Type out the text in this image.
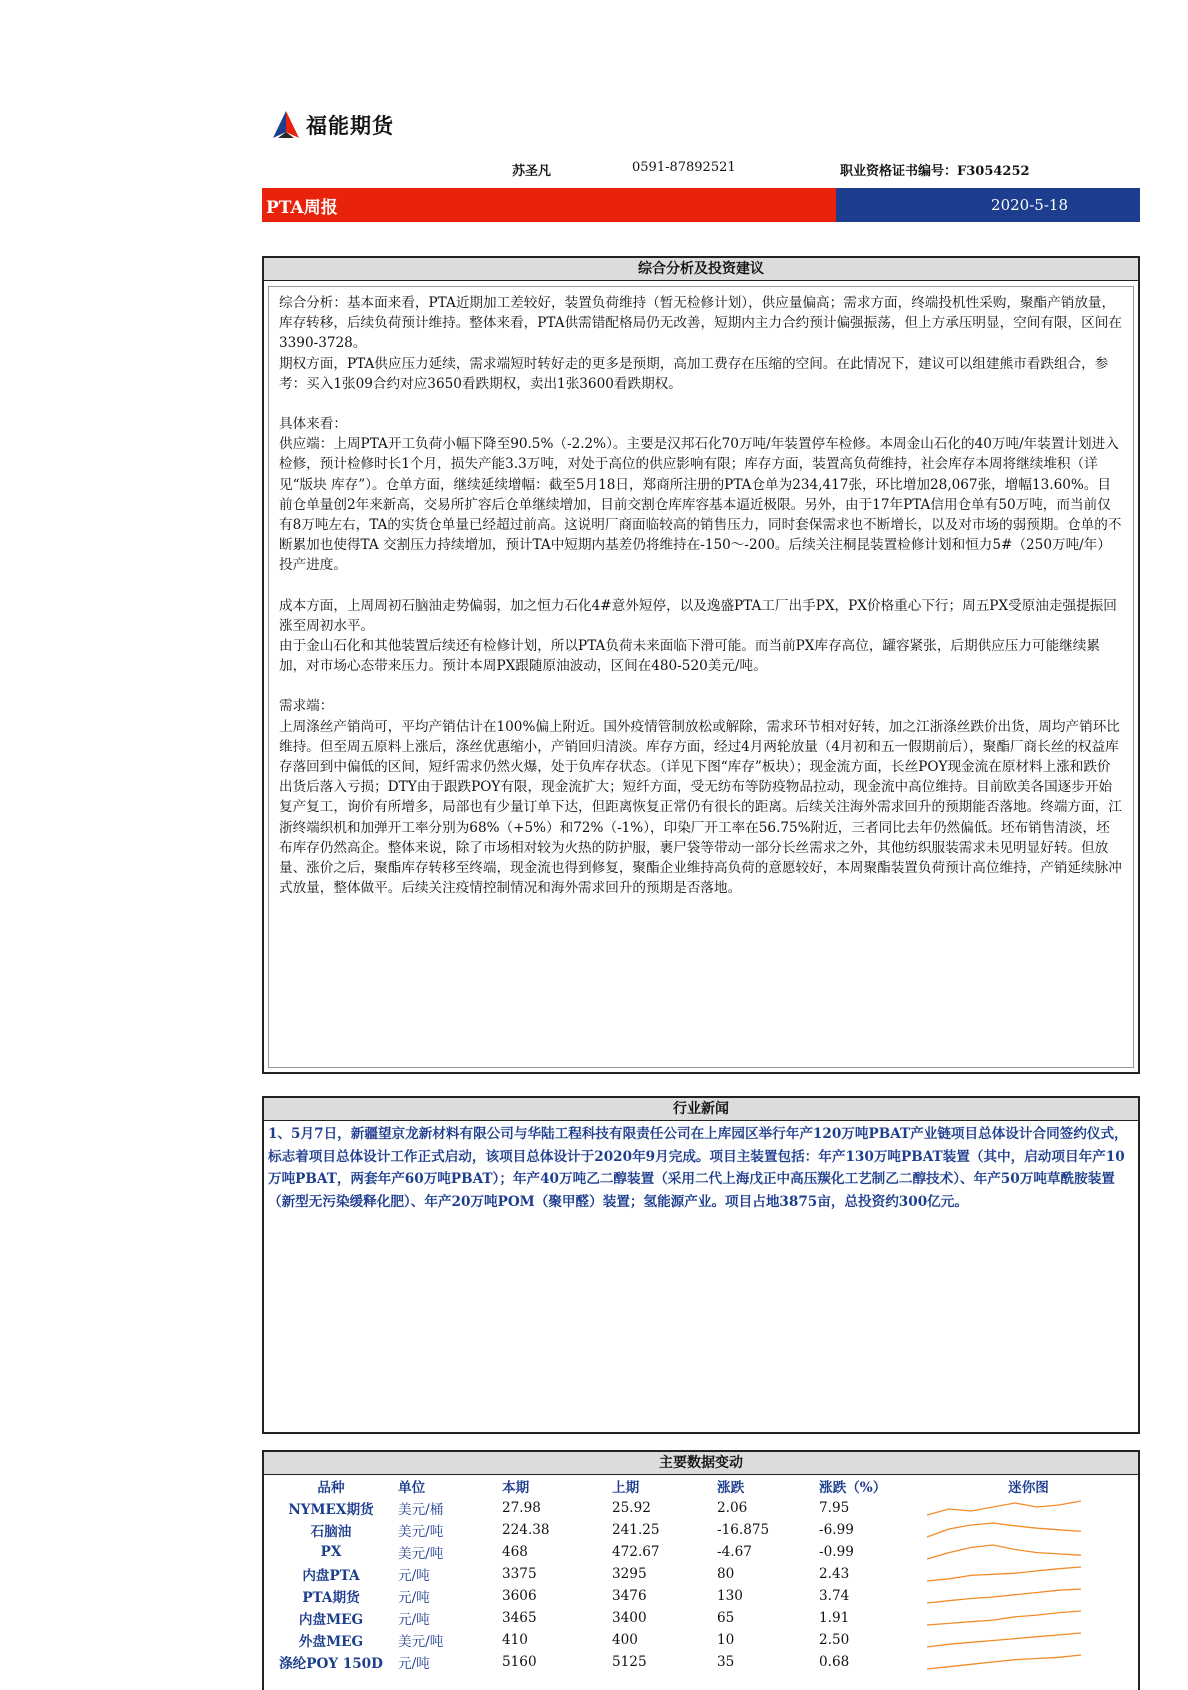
福能期货
苏圣凡	0591-87892521	职业资格证书编号：F3054252
PTA周报	2020-5-18
综合分析及投资建议

综合分析：基本面来看，PTA近期加工差较好，装置负荷维持（暂无检修计划），供应量偏高；需求方面，终端投机性采购，聚酯产销放量，库存转移，后续负荷预计维持。整体来看，PTA供需错配格局仍无改善，短期内主力合约预计偏强振荡，但上方承压明显，空间有限，区间在3390-3728。

期权方面，PTA供应压力延续，需求端短时转好走的更多是预期，高加工费存在压缩的空间。在此情况下，建议可以组建熊市看跌组合，参考：买入1张09合约对应3650看跌期权，卖出1张3600看跌期权。

具体来看：

供应端：上周PTA开工负荷小幅下降至90.5%（-2.2%）。主要是汉邦石化70万吨/年装置停车检修。本周金山石化的40万吨/年装置计划进入检修，预计检修时长1个月，损失产能3.3万吨，对处于高位的供应影响有限；库存方面，装置高负荷维持，社会库存本周将继续堆积（详见“版块 库存”）。仓单方面，继续延续增幅：截至5月18日，郑商所注册的PTA仓单为234,417张，环比增加28,067张，增幅13.60%。目前仓单量创2年来新高，交易所扩容后仓单继续增加，目前交割仓库库容基本逼近极限。另外，由于17年PTA信用仓单有50万吨，而当前仅有8万吨左右，TA的实货仓单量已经超过前高。这说明厂商面临较高的销售压力，同时套保需求也不断增长，以及对市场的弱预期。仓单的不断累加也使得TA 交割压力持续增加，预计TA中短期内基差仍将维持在-150～-200。后续关注桐昆装置检修计划和恒力5#（250万吨/年）投产进度。

成本方面，上周周初石脑油走势偏弱，加之恒力石化4#意外短停，以及逸盛PTA工厂出手PX，PX价格重心下行；周五PX受原油走强提振回涨至周初水平。

由于金山石化和其他装置后续还有检修计划，所以PTA负荷未来面临下滑可能。而当前PX库存高位，罐容紧张，后期供应压力可能继续累加，对市场心态带来压力。预计本周PX跟随原油波动，区间在480-520美元/吨。

需求端：

上周涤丝产销尚可，平均产销估计在100%偏上附近。国外疫情管制放松或解除，需求环节相对好转，加之江浙涤丝跌价出货，周均产销环比维持。但至周五原料上涨后，涤丝优惠缩小，产销回归清淡。库存方面，经过4月两轮放量（4月初和五一假期前后），聚酯厂商长丝的权益库存落回到中偏低的区间，短纤需求仍然火爆，处于负库存状态。（详见下图“库存”板块）；现金流方面，长丝POY现金流在原材料上涨和跌价出货后落入亏损；DTY由于跟跌POY有限，现金流扩大；短纤方面，受无纺布等防疫物品拉动，现金流中高位维持。目前欧美各国逐步开始复产复工，询价有所增多，局部也有少量订单下达，但距离恢复正常仍有很长的距离。后续关注海外需求回升的预期能否落地。终端方面，江浙终端织机和加弹开工率分别为68%（+5%）和72%（-1%），印染厂开工率在56.75%附近，三者同比去年仍然偏低。坯布销售清淡，坯布库存仍然高企。整体来说，除了市场相对较为火热的防护服，裹尸袋等带动一部分长丝需求之外，其他纺织服装需求未见明显好转。但放量、涨价之后，聚酯库存转移至终端，现金流也得到修复，聚酯企业维持高负荷的意愿较好，本周聚酯装置负荷预计高位维持，产销延续脉冲式放量，整体做平。后续关注疫情控制情况和海外需求回升的预期是否落地。

行业新闻
1、5月7日，新疆望京龙新材料有限公司与华陆工程科技有限责任公司在上库园区举行年产120万吨PBAT产业链项目总体设计合同签约仪式，标志着项目总体设计工作正式启动，该项目总体设计于2020年9月完成。项目主装置包括：年产130万吨PBAT装置（其中，启动项目年产10万吨PBAT，两套年产60万吨PBAT）；年产40万吨乙二醇装置（采用二代上海戊正中高压羰化工艺制乙二醇技术）、年产50万吨草酰胺装置（新型无污染缓释化肥）、年产20万吨POM（聚甲醛）装置；氢能源产业。项目占地3875亩，总投资约300亿元。
主要数据变动
品种	单位	本期	上期	涨跌	涨跌（%）	迷你图
NYMEX期货	美元/桶	27.98	25.92	2.06	7.95	
石脑油	美元/吨	224.38	241.25	-16.875	-6.99	
PX	美元/吨	468	472.67	-4.67	-0.99	
内盘PTA	元/吨	3375	3295	80	2.43	
PTA期货	元/吨	3606	3476	130	3.74	
内盘MEG	元/吨	3465	3400	65	1.91	
外盘MEG	美元/吨	410	400	10	2.50	
涤纶POY 150D	元/吨	5160	5125	35	0.68	
